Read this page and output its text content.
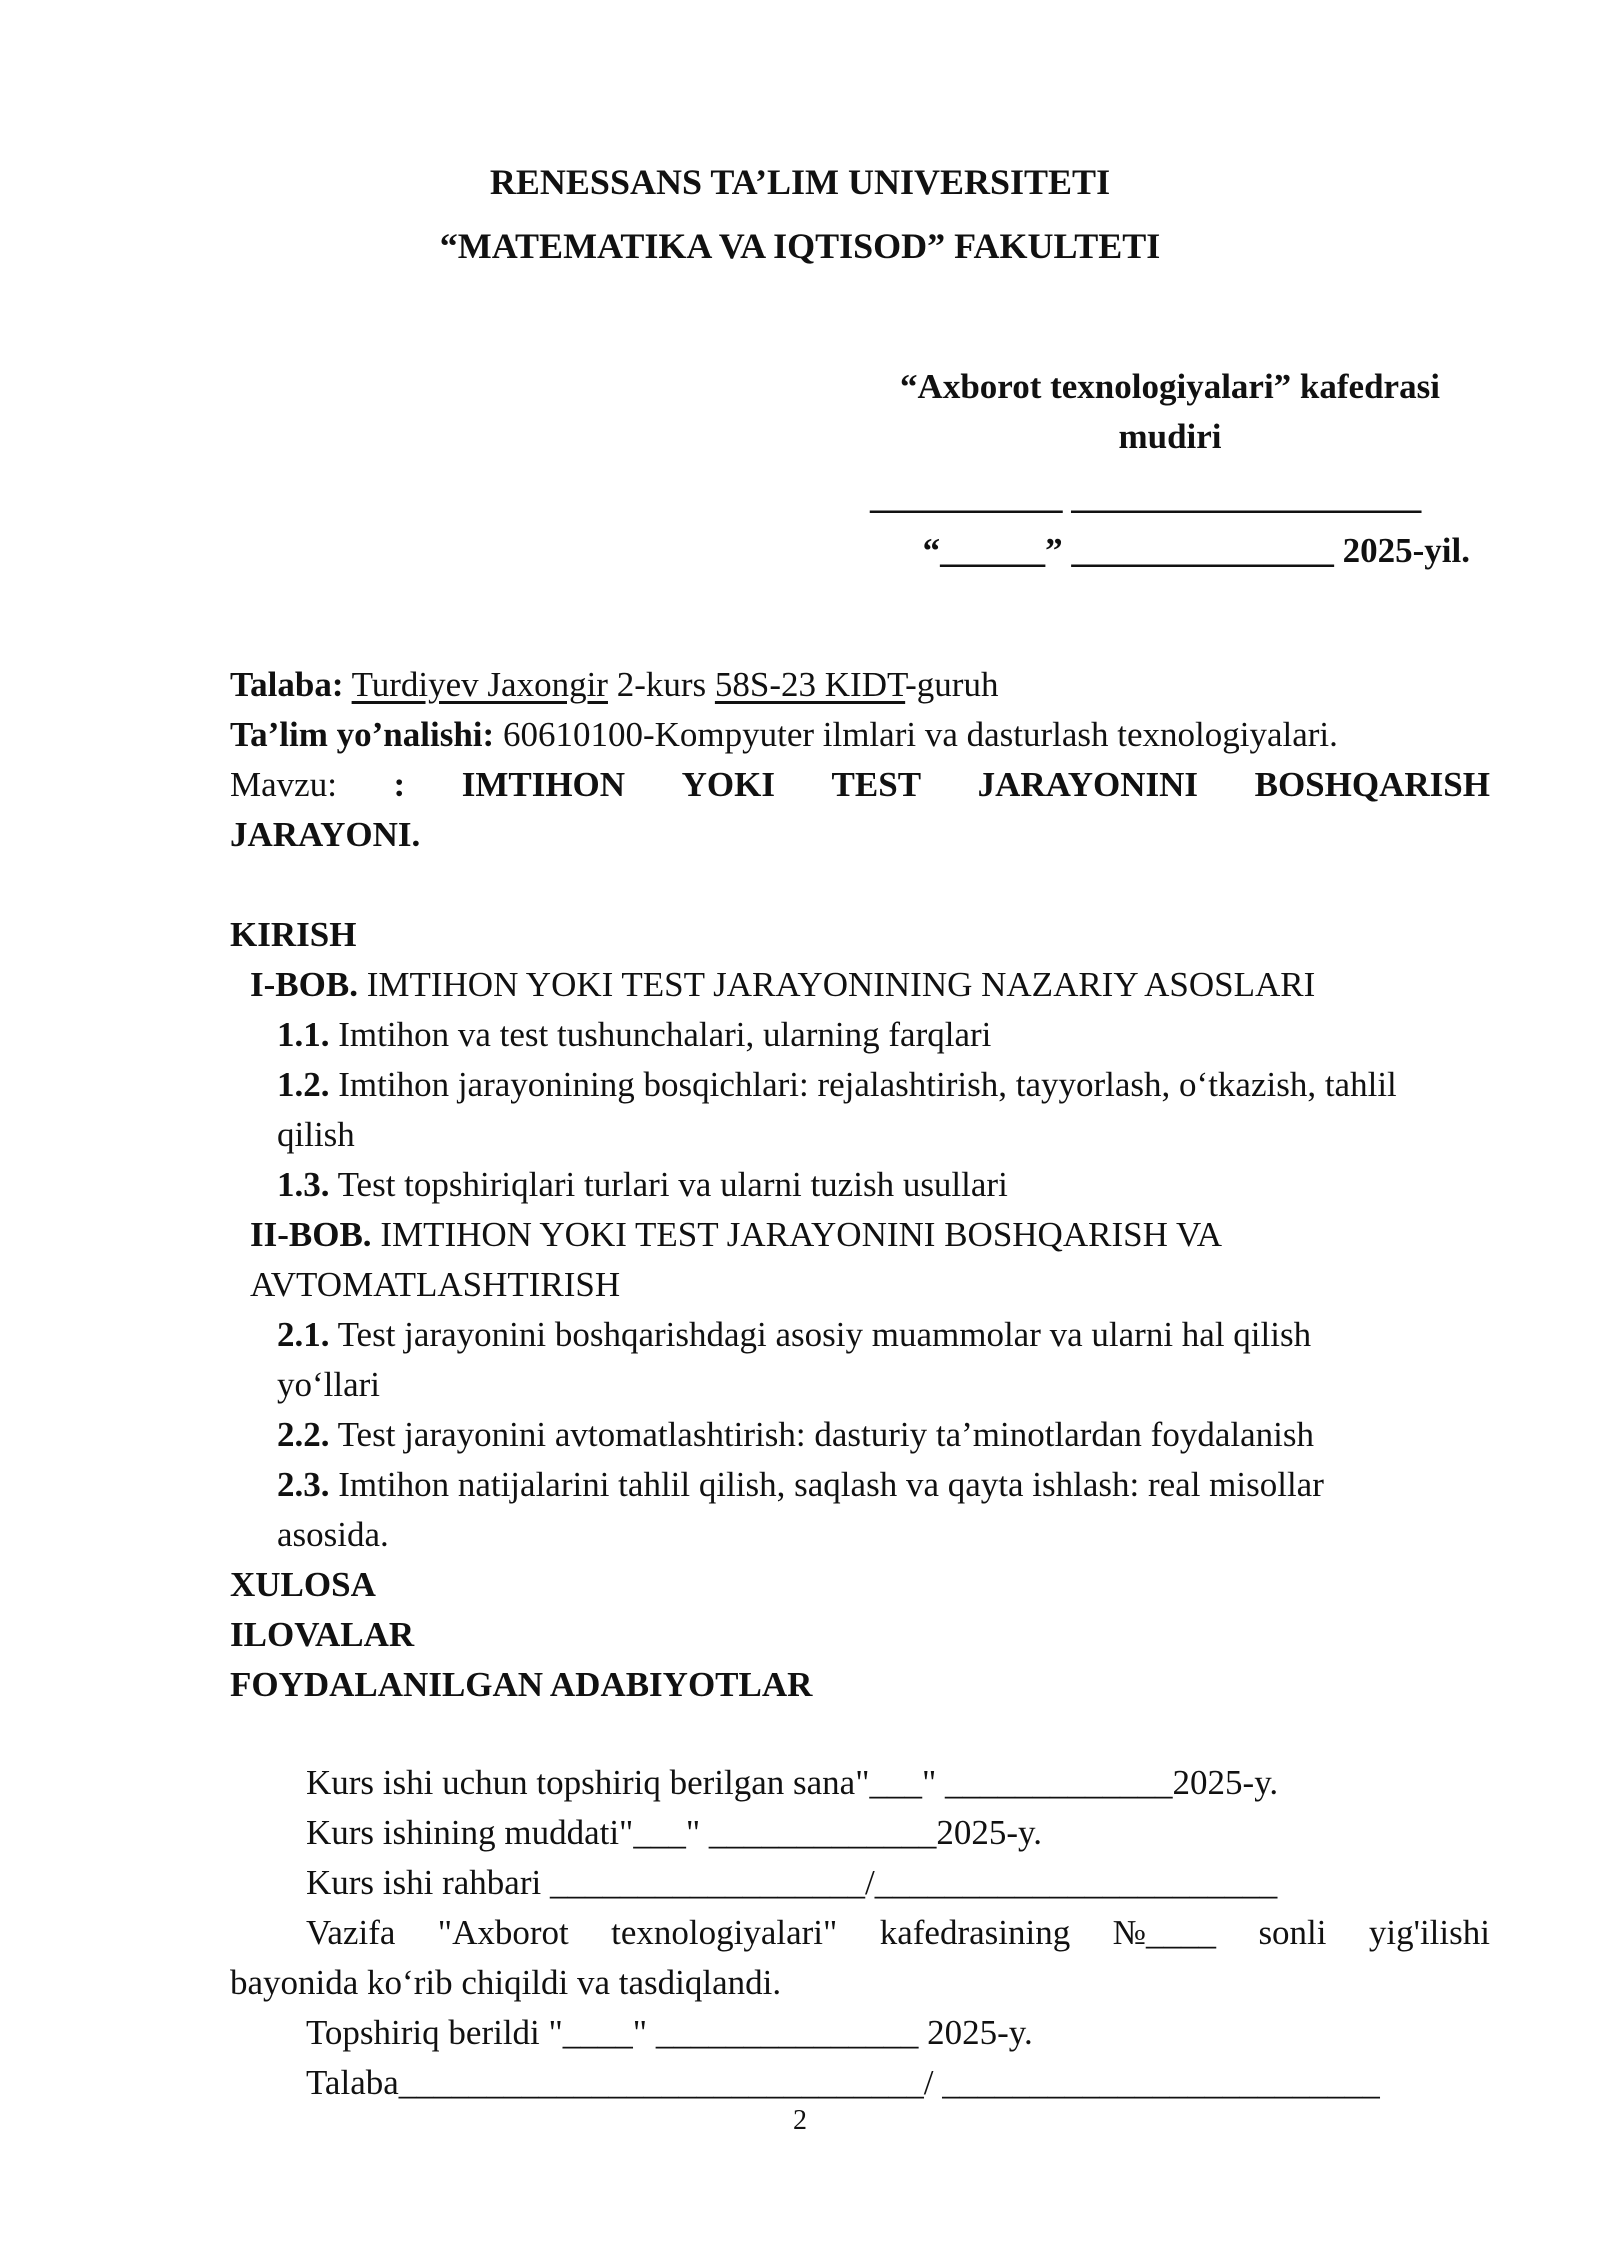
RENESSANS TA’LIM UNIVERSITETI
“MATEMATIKA VA IQTISOD” FAKULTETI
“Axborot texnologiyalari” kafedrasi
mudiri
___________ ____________________
“______” _______________ 2025-yil.
Talaba: Turdiyev Jaxongir 2-kurs 58S-23 KIDT-guruh
Ta’lim yo’nalishi: 60610100-Kompyuter ilmlari va dasturlash texnologiyalari.
Mavzu: : IMTIHON YOKI TEST JARAYONINI BOSHQARISH
JARAYONI.
KIRISH
I-BOB. IMTIHON YOKI TEST JARAYONINING NAZARIY ASOSLARI
1.1. Imtihon va test tushunchalari, ularning farqlari
1.2. Imtihon jarayonining bosqichlari: rejalashtirish, tayyorlash, o‘tkazish, tahlil
qilish
1.3. Test topshiriqlari turlari va ularni tuzish usullari
II-BOB. IMTIHON YOKI TEST JARAYONINI BOSHQARISH VA
AVTOMATLASHTIRISH
2.1. Test jarayonini boshqarishdagi asosiy muammolar va ularni hal qilish
yo‘llari
2.2. Test jarayonini avtomatlashtirish: dasturiy ta’minotlardan foydalanish
2.3. Imtihon natijalarini tahlil qilish, saqlash va qayta ishlash: real misollar
asosida.
XULOSA
ILOVALAR
FOYDALANILGAN ADABIYOTLAR
Kurs ishi uchun topshiriq berilgan sana"___" _____________2025-y.
Kurs ishining muddati"___" _____________2025-y.
Kurs ishi rahbari __________________/_______________________
Vazifa "Axborot texnologiyalari" kafedrasining №____ sonli yig'ilishi
bayonida ko‘rib chiqildi va tasdiqlandi.
Topshiriq berildi "____" _______________ 2025-y.
Talaba______________________________/ _________________________
2
